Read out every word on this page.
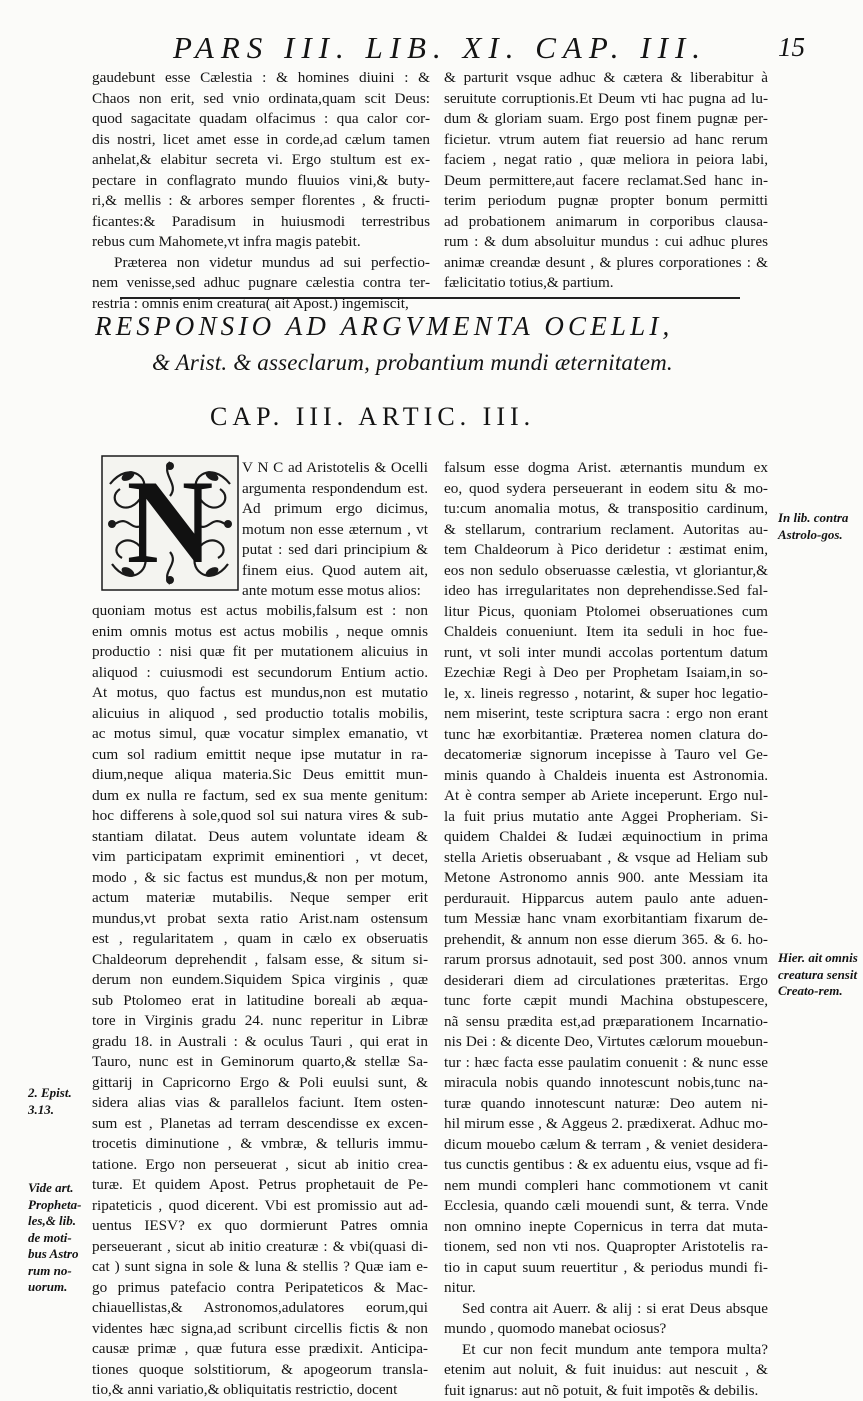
PARS III. LIB. XI. CAP. III.	15
gaudebunt esse Cælestia : & homines diuini : &
Chaos non erit, sed vnio ordinata,quam scit Deus:
quod sagacitate quadam olfacimus : qua calor cor-
dis nostri, licet amet esse in corde,ad cælum tamen
anhelat,& elabitur secreta vi. Ergo stultum est ex-
pectare in conflagrato mundo fluuios vini,& buty-
ri,& mellis : & arbores semper florentes , & fructi-
ficantes:& Paradisum in huiusmodi terrestribus
rebus cum Mahomete,vt infra magis patebit.
Præterea non videtur mundus ad sui perfectio-
nem venisse,sed adhuc pugnare cælestia contra ter-
restria : omnis enim creatura( ait Apost.) ingemiscit,
& parturit vsque adhuc & cætera & liberabitur à
seruitute corruptionis.Et Deum vti hac pugna ad lu-
dum & gloriam suam. Ergo post finem pugnæ per-
ficietur. vtrum autem fiat reuersio ad hanc rerum
faciem , negat ratio , quæ meliora in peiora labi,
Deum permittere,aut facere reclamat.Sed hanc in-
terim periodum pugnæ propter bonum permitti
ad probationem animarum in corporibus clausa-
rum : & dum absoluitur mundus : cui adhuc plures
animæ creandæ desunt , & plures corporationes : &
fælicitatio totius,& partium.
RESPONSIO AD ARGVMENTA OCELLI,
& Arist. & asseclarum, probantium mundi æternitatem.
CAP. III. ARTIC. III.
N	V N C ad Aristotelis & Ocelli
argumenta respondendum est.
Ad primum ergo dicimus,
motum non esse æternum , vt
putat : sed dari principium &
finem eius. Quod autem ait,
ante motum esse motus alios:
quoniam motus est actus mobilis,falsum est : non
enim omnis motus est actus mobilis , neque omnis
productio : nisi quæ fit per mutationem alicuius in
aliquod : cuiusmodi est secundorum Entium actio.
At motus, quo factus est mundus,non est mutatio
alicuius in aliquod , sed productio totalis mobilis,
ac motus simul, quæ vocatur simplex emanatio, vt
cum sol radium emittit neque ipse mutatur in ra-
dium,neque aliqua materia.Sic Deus emittit mun-
dum ex nulla re factum, sed ex sua mente genitum:
hoc differens à sole,quod sol sui natura vires & sub-
stantiam dilatat. Deus autem voluntate ideam &
vim participatam exprimit eminentiori , vt decet,
modo , & sic factus est mundus,& non per motum,
actum materiæ mutabilis. Neque semper erit
mundus,vt probat sexta ratio Arist.nam ostensum
est , regularitatem , quam in cælo ex obseruatis
Chaldeorum deprehendit , falsam esse, & situm si-
derum non eundem.Siquidem Spica virginis , quæ
sub Ptolomeo erat in latitudine boreali ab æqua-
tore in Virginis gradu 24. nunc reperitur in Libræ
gradu 18. in Australi : & oculus Tauri , qui erat in
Tauro, nunc est in Geminorum quarto,& stellæ Sa-
gittarij in Capricorno Ergo & Poli euulsi sunt, &
sidera alias vias & parallelos faciunt. Item osten-
sum est , Planetas ad terram descendisse ex excen-
trocetis diminutione , & vmbræ, & telluris immu-
tatione. Ergo non perseuerat , sicut ab initio crea-
turæ. Et quidem Apost. Petrus prophetauit de Pe-
ripateticis , quod dicerent. Vbi est promissio aut ad-
uentus IESV? ex quo dormierunt Patres omnia
perseuerant , sicut ab initio creaturæ : & vbi(quasi di-
cat ) sunt signa in sole & luna & stellis ? Quæ iam e-
go primus patefacio contra Peripateticos & Mac-
chiauellistas,& Astronomos,adulatores eorum,qui
videntes hæc signa,ad scribunt circellis fictis & non
causæ primæ , quæ futura esse prædixit. Anticipa-
tiones quoque solstitiorum, & apogeorum transla-
tio,& anni variatio,& obliquitatis restrictio, docent
falsum esse dogma Arist. æternantis mundum ex
eo, quod sydera perseuerant in eodem situ & mo-
tu:cum anomalia motus, & transpositio cardinum,
& stellarum, contrarium reclament. Autoritas au-
tem Chaldeorum à Pico deridetur : æstimat enim,
eos non sedulo obseruasse cælestia, vt gloriantur,&
ideo has irregularitates non deprehendisse.Sed fal-
litur Picus, quoniam Ptolomei obseruationes cum
Chaldeis conueniunt. Item ita seduli in hoc fue-
runt, vt soli inter mundi accolas portentum datum
Ezechiæ Regi à Deo per Prophetam Isaiam,in so-
le, x. lineis regresso , notarint, & super hoc legatio-
nem miserint, teste scriptura sacra : ergo non erant
tunc hæ exorbitantiæ. Præterea nomen clatura do-
decatomeriæ signorum incepisse à Tauro vel Ge-
minis quando à Chaldeis inuenta est Astronomia.
At è contra semper ab Ariete inceperunt. Ergo nul-
la fuit prius mutatio ante Aggei Propheriam. Si-
quidem Chaldei & Iudæi æquinoctium in prima
stella Arietis obseruabant , & vsque ad Heliam sub
Metone Astronomo annis 900. ante Messiam ita
perdurauit. Hipparcus autem paulo ante aduen-
tum Messiæ hanc vnam exorbitantiam fixarum de-
prehendit, & annum non esse dierum 365. & 6. ho-
rarum prorsus adnotauit, sed post 300. annos vnum
desiderari diem ad circulationes præteritas. Ergo
tunc forte cæpit mundi Machina obstupescere,
nã sensu prædita est,ad præparationem Incarnatio-
nis Dei : & dicente Deo, Virtutes cælorum mouebun-
tur : hæc facta esse paulatim conuenit : & nunc esse
miracula nobis quando innotescunt nobis,tunc na-
turæ quando innotescunt naturæ: Deo autem ni-
hil mirum esse , & Aggeus 2. prædixerat. Adhuc mo-
dicum mouebo cælum & terram , & veniet desidera-
tus cunctis gentibus : & ex aduentu eius, vsque ad fi-
nem mundi compleri hanc commotionem vt canit
Ecclesia, quando cæli mouendi sunt, & terra. Vnde
non omnino inepte Copernicus in terra dat muta-
tionem, sed non vti nos. Quapropter Aristotelis ra-
tio in caput suum reuertitur , & periodus mundi fi-
nitur.
Sed contra ait Auerr. & alij : si erat Deus absque
mundo , quomodo manebat ociosus?
Et cur non fecit mundum ante tempora multa?
etenim aut noluit, & fuit inuidus: aut nescuit , &
fuit ignarus: aut nõ potuit, & fuit impotẽs & debilis.
In lib. contra Astrolo-gos.
Hier. ait omnis creatura sensit Creato-rem.
2. Epist. 3.13.
Vide art. Propheta-les,& lib. de moti-bus Astro rum no-uorum.
